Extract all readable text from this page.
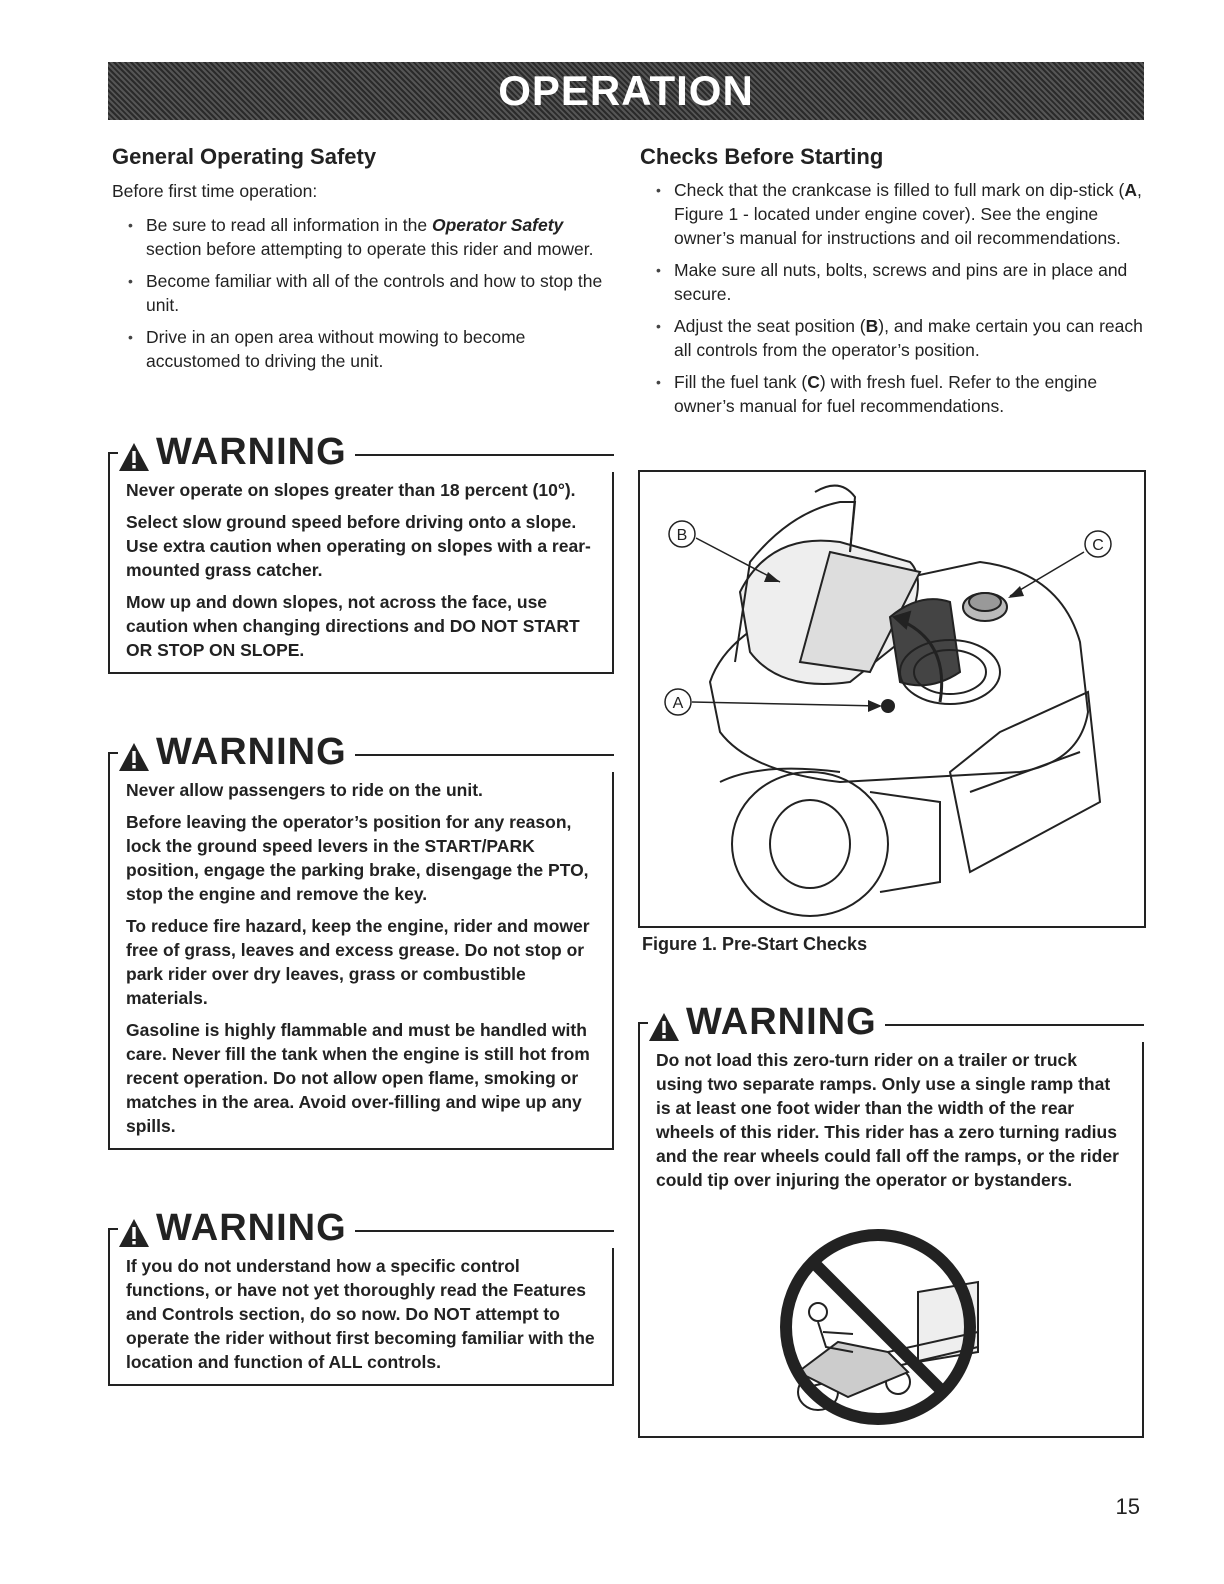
OPERATION
General Operating Safety

Before first time operation:

• Be sure to read all information in the Operator Safety section before attempting to operate this rider and mower.
• Become familiar with all of the controls and how to stop the unit.
• Drive in an open area without mowing to become accustomed to driving the unit.
WARNING

Never operate on slopes greater than 18 percent (10°).

Select slow ground speed before driving onto a slope. Use extra caution when operating on slopes with a rear-mounted grass catcher.

Mow up and down slopes, not across the face, use caution when changing directions and DO NOT START OR STOP ON SLOPE.

WARNING

Never allow passengers to ride on the unit.

Before leaving the operator’s position for any reason, lock the ground speed levers in the START/PARK position, engage the parking brake, disengage the PTO, stop the engine and remove the key.

To reduce fire hazard, keep the engine, rider and mower free of grass, leaves and excess grease. Do not stop or park rider over dry leaves, grass or combustible materials.

Gasoline is highly flammable and must be handled with care. Never fill the tank when the engine is still hot from recent operation. Do not allow open flame, smoking or matches in the area. Avoid over-filling and wipe up any spills.

WARNING

If you do not understand how a specific control functions, or have not yet thoroughly read the Features and Controls section, do so now. Do NOT attempt to operate the rider without first becoming familiar with the location and function of ALL controls.

Checks Before Starting
• Check that the crankcase is filled to full mark on dip-stick (A, Figure 1 - located under engine cover). See the engine owner’s manual for instructions and oil recommendations.
• Make sure all nuts, bolts, screws and pins are in place and secure.
• Adjust the seat position (B), and make certain you can reach all controls from the operator’s position.
• Fill the fuel tank (C) with fresh fuel. Refer to the engine owner’s manual for fuel recommendations.
B
C
A
Figure 1. Pre-Start Checks
WARNING

Do not load this zero-turn rider on a trailer or truck using two separate ramps. Only use a single ramp that is at least one foot wider than the width of the rear wheels of this rider. This rider has a zero turning radius and the rear wheels could fall off the ramps, or the rider could tip over injuring the operator or bystanders.

15
